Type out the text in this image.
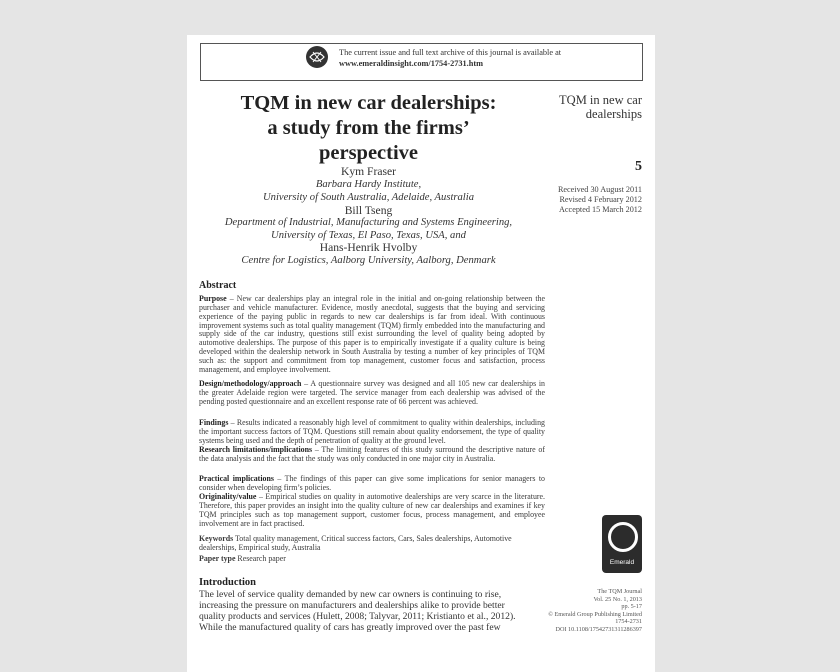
The current issue and full text archive of this journal is available at
www.emeraldinsight.com/1754-2731.htm
TQM in new car dealerships:
a study from the firms’
perspective
Kym Fraser
Barbara Hardy Institute,
University of South Australia, Adelaide, Australia
Bill Tseng
Department of Industrial, Manufacturing and Systems Engineering,
University of Texas, El Paso, Texas, USA, and
Hans-Henrik Hvolby
Centre for Logistics, Aalborg University, Aalborg, Denmark
TQM in new car
dealerships
5
Received 30 August 2011
Revised 4 February 2012
Accepted 15 March 2012
Abstract
Purpose – New car dealerships play an integral role in the initial and on-going relationship between the purchaser and vehicle manufacturer. Evidence, mostly anecdotal, suggests that the buying and servicing experience of the paying public in regards to new car dealerships is far from ideal. With continuous improvement systems such as total quality management (TQM) firmly embedded into the manufacturing and supply side of the car industry, questions still exist surrounding the level of quality being adopted by automotive dealerships. The purpose of this paper is to empirically investigate if a quality culture is being developed within the dealership network in South Australia by testing a number of key principles of TQM such as: the support and commitment from top management, customer focus and satisfaction, process management, and employee involvement.
Design/methodology/approach – A questionnaire survey was designed and all 105 new car dealerships in the greater Adelaide region were targeted. The service manager from each dealership was advised of the pending posted questionnaire and an excellent response rate of 66 percent was achieved.
Findings – Results indicated a reasonably high level of commitment to quality within dealerships, including the important success factors of TQM. Questions still remain about quality endorsement, the type of quality systems being used and the depth of penetration of quality at the ground level.
Research limitations/implications – The limiting features of this study surround the descriptive nature of the data analysis and the fact that the study was only conducted in one major city in Australia.
Practical implications – The findings of this paper can give some implications for senior managers to consider when developing firm’s policies.
Originality/value – Empirical studies on quality in automotive dealerships are very scarce in the literature. Therefore, this paper provides an insight into the quality culture of new car dealerships and examines if key TQM principles such as top management support, customer focus, process management, and employee involvement are in fact practised.
Keywords Total quality management, Critical success factors, Cars, Sales dealerships, Automotive dealerships, Empirical study, Australia
Paper type Research paper	Emerald
Introduction
The level of service quality demanded by new car owners is continuing to rise,
increasing the pressure on manufacturers and dealerships alike to provide better
quality products and services (Hulett, 2008; Talyvar, 2011; Kristianto et al., 2012).
While the manufactured quality of cars has greatly improved over the past few
The TQM Journal
Vol. 25 No. 1, 2013
pp. 5-17
© Emerald Group Publishing Limited
1754-2731
DOI 10.1108/17542731311286397
